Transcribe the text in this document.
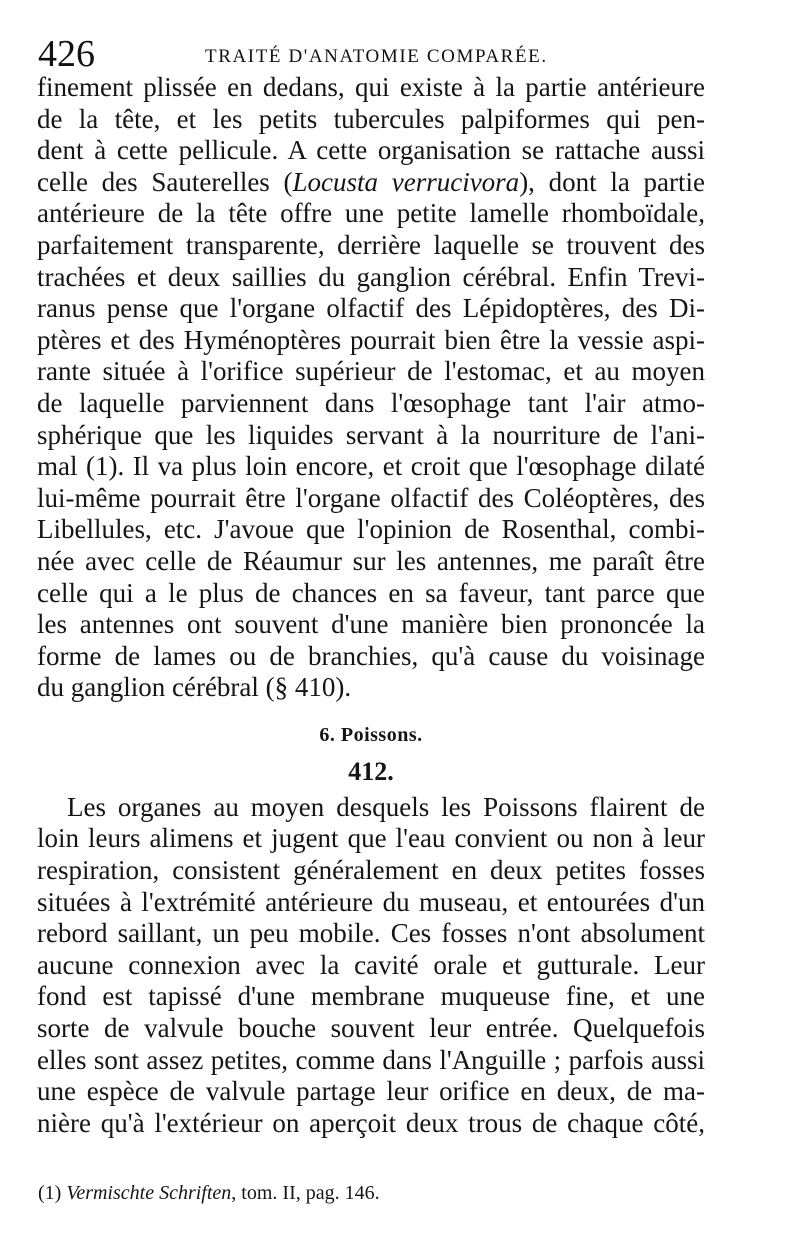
426	TRAITÉ D'ANATOMIE COMPARÉE.
finement plissée en dedans, qui existe à la partie antérieure
de la tête, et les petits tubercules palpiformes qui pen-
dent à cette pellicule. A cette organisation se rattache aussi
celle des Sauterelles (Locusta verrucivora), dont la partie
antérieure de la tête offre une petite lamelle rhomboïdale,
parfaitement transparente, derrière laquelle se trouvent des
trachées et deux saillies du ganglion cérébral. Enfin Trevi-
ranus pense que l'organe olfactif des Lépidoptères, des Di-
ptères et des Hyménoptères pourrait bien être la vessie aspi-
rante située à l'orifice supérieur de l'estomac, et au moyen
de laquelle parviennent dans l'œsophage tant l'air atmo-
sphérique que les liquides servant à la nourriture de l'ani-
mal (1). Il va plus loin encore, et croit que l'œsophage dilaté
lui-même pourrait être l'organe olfactif des Coléoptères, des
Libellules, etc. J'avoue que l'opinion de Rosenthal, combi-
née avec celle de Réaumur sur les antennes, me paraît être
celle qui a le plus de chances en sa faveur, tant parce que
les antennes ont souvent d'une manière bien prononcée la
forme de lames ou de branchies, qu'à cause du voisinage
du ganglion cérébral (§ 410).
6. Poissons.
412.
Les organes au moyen desquels les Poissons flairent de
loin leurs alimens et jugent que l'eau convient ou non à leur
respiration, consistent généralement en deux petites fosses
situées à l'extrémité antérieure du museau, et entourées d'un
rebord saillant, un peu mobile. Ces fosses n'ont absolument
aucune connexion avec la cavité orale et gutturale. Leur
fond est tapissé d'une membrane muqueuse fine, et une
sorte de valvule bouche souvent leur entrée. Quelquefois
elles sont assez petites, comme dans l'Anguille ; parfois aussi
une espèce de valvule partage leur orifice en deux, de ma-
nière qu'à l'extérieur on aperçoit deux trous de chaque côté,
(1) Vermischte Schriften, tom. II, pag. 146.
